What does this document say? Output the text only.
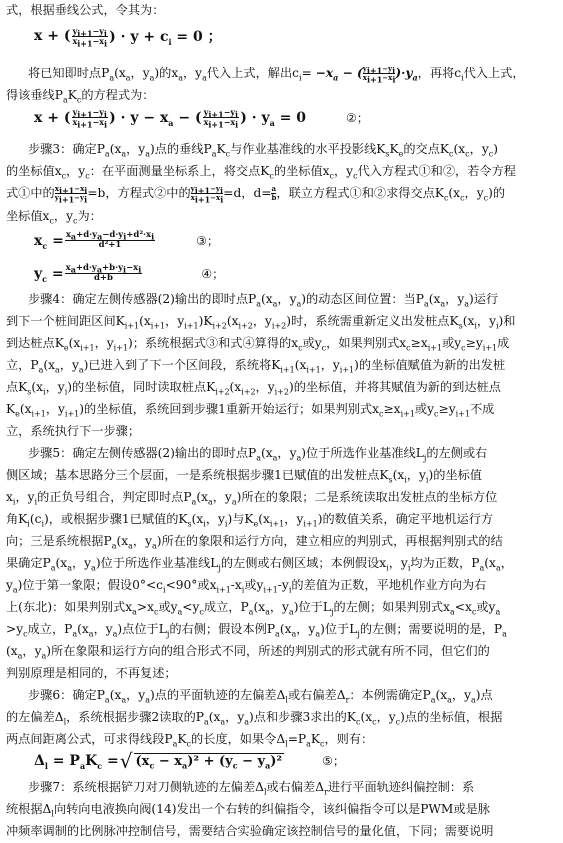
式，根据垂线公式，令其为：
x + ( $\frac{y_{i+1}-y_i}{x_{i+1}-x_i}$ ) · $y + c_i = 0$ ；
将已知即时点$P_a(x_a$，$y_a$)的$x_a$，$y_a$代入上式，解出$c_i= -x_a$ − ( $\frac{y_{i+1}-y_i}{x_{i+1}-x_i} )\cdot y_a$，再将$c_i$代入上式，
得该垂线$P_aK_c$的方程式为：
x + ( $\frac{y_{i+1}-y_i}{x_{i+1}-x_i}$ ) · $y - x_a$ − ( $\frac{y_{i+1}-y_i}{x_{i+1}-x_i}$ ) · $y_a = 0$	②；
步骤3：确定$P_a(x_a$，$y_a$)点的垂线$P_aK_c$与作业基准线的水平投影线$K_sK_e$的交点$K_c(x_c$，$y_c$)
的坐标值$x_c$，$y_c$：在平面测量坐标系上，将交点$K_c$的坐标值$x_c$，$y_c$代入方程式①和②，若令方程
式①中的 $\frac{x_{i+1}-x_i}{y_{i+1}-y_i} =b$，方程式②中的 $\frac{y_{i+1}-y_i}{x_{i+1}-x_i} =d$，$d= \frac{a}{b}$ ，联立方程式①和②求得交点$K_c(x_c$，$y_c$)的
坐标值$x_c$，$y_c$为：
$x_c = \frac{x_a+d\cdot y_a-d\cdot y_i+d^2\cdot x_i}{\text{d²+1}}$	③；
$y_c = \frac{x_a+d\cdot y_a+b\cdot y_i-x_i}{d+b}$	④；
步骤4：确定左侧传感器(2)输出的即时点$P_a(x_a$，$y_a$)的动态区间位置：当$P_a(x_a$，$y_a$)运行
到下一个桩间距区间$K_{i+1}(x_{i+1}$，$y_{i+1})K_{i+2}(x_{i+2}$，$y_{i+2}$)时，系统需重新定义出发桩点$K_s(x_i$，$y_i$)和
到达桩点$K_e(x_{i+1}$，$y_{i+1}$)；系统根据式③和式④算得的$x_c$或$y_c$，如果判别式$x_c\ge x_{i+1}$或$y_c\ge y_{i+1}$成
立，$P_a(x_a$，$y_a$)已进入到了下一个区间段，系统将$K_{i+1}(x_{i+1}$，$y_{i+1}$)的坐标值赋值为新的出发桩
点$K_s(x_i$，$y_i$)的坐标值，同时读取桩点$K_{i+2}(x_{i+2}$，$y_{i+2}$)的坐标值，并将其赋值为新的到达桩点
$K_e(x_{i+1}$，$y_{i+1}$)的坐标值，系统回到步骤1重新开始运行；如果判别式$x_c\ge x_{i+1}$或$y_c\ge y_{i+1}$不成
立，系统执行下一步骤；
步骤5：确定左侧传感器(2)输出的即时点$P_a(x_a$，$y_a$)位于所选作业基准线$L_j$的左侧或右
侧区域；基本思路分三个层面，一是系统根据步骤1已赋值的出发桩点$K_s(x_i$，$y_i$)的坐标值
$x_i$，$y_i$的正负号组合，判定即时点$P_a(x_a$，$y_a$)所在的象限；二是系统读取出发桩点的坐标方位
角$K_i(c_i)$，或根据步骤1已赋值的$K_s(x_i$，$y_i$)与$K_e(x_{i+1}$，$y_{i+1}$)的数值关系，确定平地机运行方
向；三是系统根据$P_a(x_a$，$y_a$)所在的象限和运行方向，建立相应的判别式，再根据判别式的结
果确定$P_a(x_a$，$y_a$)位于所选作业基准线$L_j$的左侧或右侧区域；本例假设$x_i$，$y_i$均为正数，$P_a(x_a$，
$y_a$)位于第一象限；假设$0^\circ<c_i<90^\circ$或$x_{i+1}-x_i$或$y_{i+1}-y_i$的差值为正数，平地机作业方向为右
上(东北)：如果判别式$x_a>x_c$或$y_a<y_c$成立，$P_a(x_a$，$y_a$)位于$L_j$的左侧；如果判别式$x_a<x_c$或$y_a$
$>y_c$成立，$P_a(x_a$，$y_a$)点位于$L_j$的右侧；假设本例$P_a(x_a$，$y_a$)位于$L_j$的左侧；需要说明的是，$P_a$
($x_a$，$y_a$)所在象限和运行方向的组合形式不同，所述的判别式的形式就有所不同，但它们的
判别原理是相同的，不再复述；
步骤6：确定$P_a(x_a$，$y_a$)点的平面轨迹的左偏差$\Delta_l$或右偏差$\Delta_r$：本例需确定$P_a(x_a$，$y_a$)点
的左偏差$\Delta_l$，系统根据步骤2读取的$P_a(x_a$，$y_a$)点和步骤3求出的$K_c(x_c$，$y_c$)点的坐标值，根据
两点间距离公式，可求得线段$P_aK_c$的长度，如果令$\Delta_l=P_aK_c$，则有：
$\Delta_l = P_aK_c$ = √ $(x_c - x_a)^2 + (y_c - y_a)^2$	⑤；
步骤7：系统根据铲刀对刀侧轨迹的左偏差$\Delta_l$或右偏差$\Delta_r$进行平面轨迹纠偏控制：系
统根据$\Delta_l$向转向电液换向阀(14)发出一个右转的纠偏指令，该纠偏指令可以是PWM或是脉
冲频率调制的比例脉冲控制信号，需要结合实验确定该控制信号的量化值，下同；需要说明
